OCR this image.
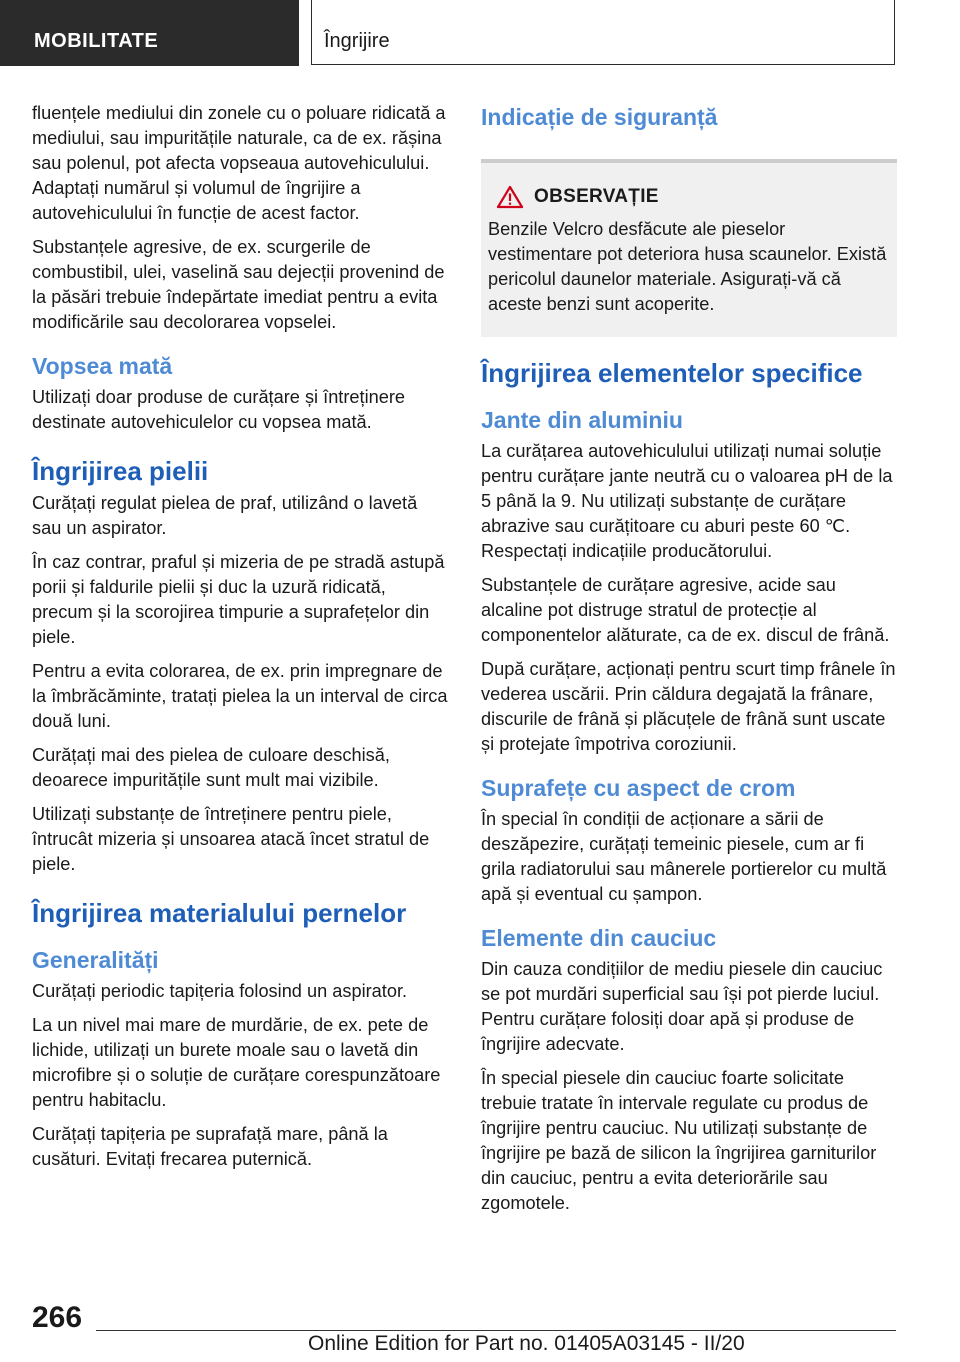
MOBILITATE	Îngrijire

fluențele mediului din zonele cu o poluare ridicată a mediului, sau impuritățile naturale, ca de ex. rășina sau polenul, pot afecta vopseaua autovehiculului. Adaptați numărul și volumul de îngrijire a autovehiculului în funcție de acest factor.

Substanțele agresive, de ex. scurgerile de combustibil, ulei, vaselină sau dejecții provenind de la păsări trebuie îndepărtate imediat pentru a evita modificările sau decolorarea vopselei.

Vopsea mată

Utilizați doar produse de curățare și întreținere destinate autovehiculelor cu vopsea mată.

Îngrijirea pielii

Curățați regulat pielea de praf, utilizând o lavetă sau un aspirator.

În caz contrar, praful și mizeria de pe stradă astupă porii și faldurile pielii și duc la uzură ridicată, precum și la scorojirea timpurie a suprafețelor din piele.

Pentru a evita colorarea, de ex. prin impregnare de la îmbrăcăminte, tratați pielea la un interval de circa două luni.

Curățați mai des pielea de culoare deschisă, deoarece impuritățile sunt mult mai vizibile.

Utilizați substanțe de întreținere pentru piele, întrucât mizeria și unsoarea atacă încet stratul de piele.

Îngrijirea materialului pernelor
Generalități

Curățați periodic tapițeria folosind un aspirator.

La un nivel mai mare de murdărie, de ex. pete de lichide, utilizați un burete moale sau o lavetă din microfibre și o soluție de curățare corespunzătoare pentru habitaclu.

Curățați tapițeria pe suprafață mare, până la cusături. Evitați frecarea puternică.

Indicație de siguranță
OBSERVAȚIE

Benzile Velcro desfăcute ale pieselor vestimentare pot deteriora husa scaunelor. Există pericolul daunelor materiale. Asigurați-vă că aceste benzi sunt acoperite.

Îngrijirea elementelor specifice
Jante din aluminiu

La curățarea autovehiculului utilizați numai soluție pentru curățare jante neutră cu o valoarea pH de la 5 până la 9. Nu utilizați substanțe de curățare abrazive sau curățitoare cu aburi peste 60 ℃. Respectați indicațiile producătorului.

Substanțele de curățare agresive, acide sau alcaline pot distruge stratul de protecție al componentelor alăturate, ca de ex. discul de frână.

După curățare, acționați pentru scurt timp frânele în vederea uscării. Prin căldura degajată la frânare, discurile de frână și plăcuțele de frână sunt uscate și protejate împotriva coroziunii.

Suprafețe cu aspect de crom

În special în condiții de acționare a sării de deszăpezire, curățați temeinic piesele, cum ar fi grila radiatorului sau mânerele portierelor cu multă apă și eventual cu șampon.

Elemente din cauciuc

Din cauza condițiilor de mediu piesele din cauciuc se pot murdări superficial sau își pot pierde luciul. Pentru curățare folosiți doar apă și produse de îngrijire adecvate.

În special piesele din cauciuc foarte solicitate trebuie tratate în intervale regulate cu produs de îngrijire pentru cauciuc. Nu utilizați substanțe de îngrijire pe bază de silicon la îngrijirea garniturilor din cauciuc, pentru a evita deteriorările sau zgomotele.

266
Online Edition for Part no. 01405A03145 - II/20
